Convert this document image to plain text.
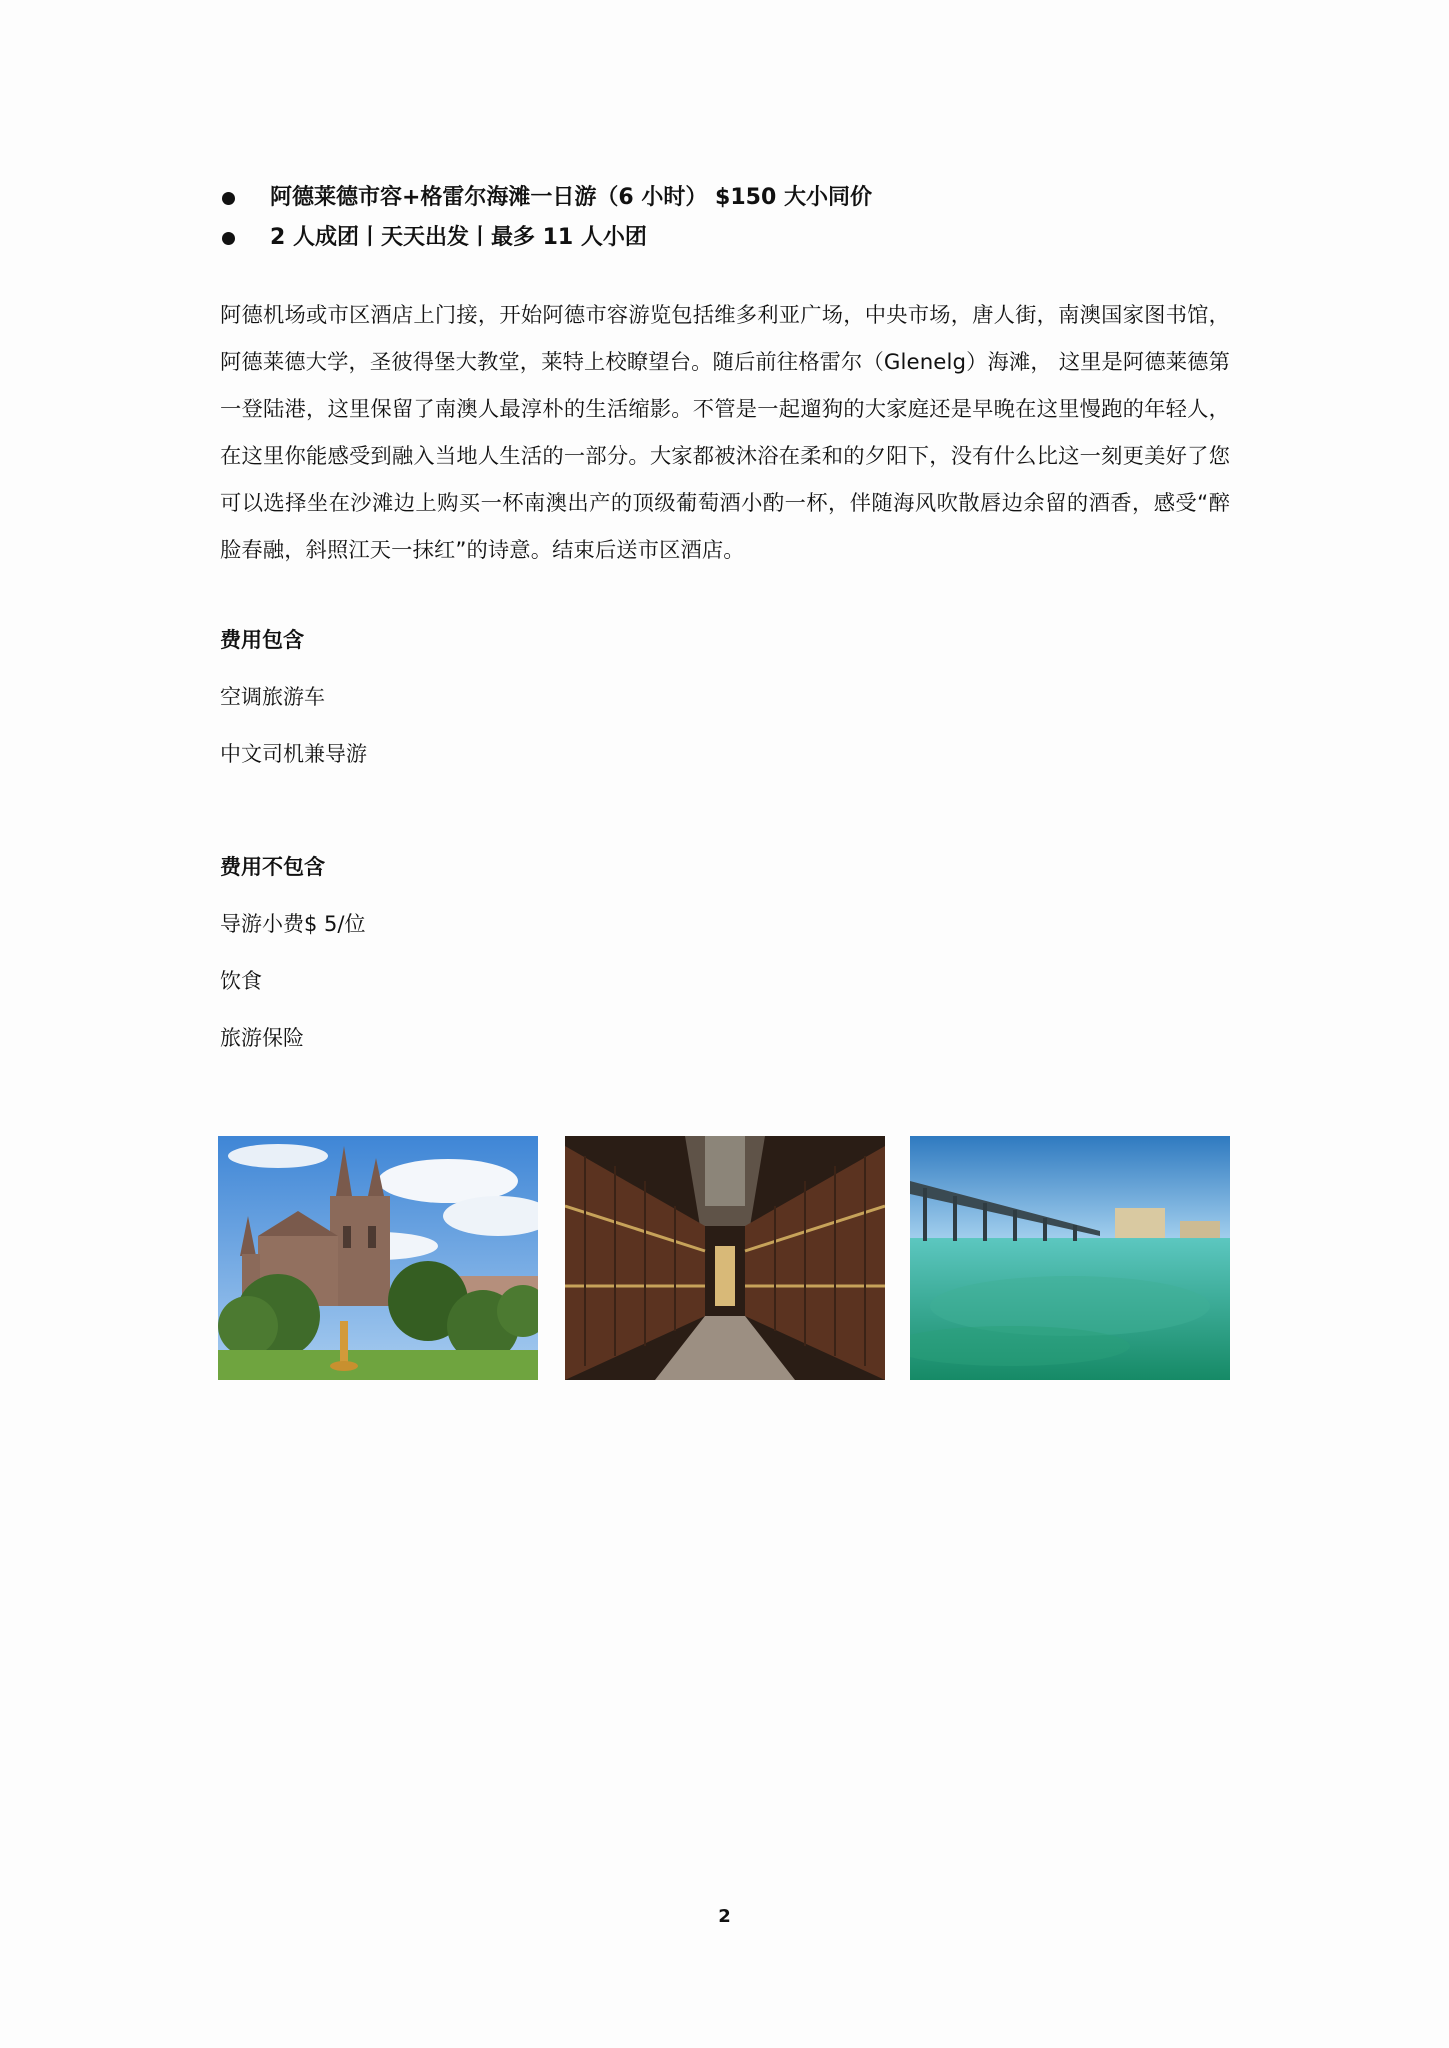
阿德莱德市容+格雷尔海滩一日游（6 小时） $150 大小同价
2 人成团丨天天出发丨最多 11 人小团

阿德机场或市区酒店上门接，开始阿德市容游览包括维多利亚广场，中央市场，唐人街，南澳国家图书馆，阿德莱德大学，圣彼得堡大教堂，莱特上校瞭望台。随后前往格雷尔（Glenelg）海滩， 这里是阿德莱德第一登陆港，这里保留了南澳人最淳朴的生活缩影。不管是一起遛狗的大家庭还是早晚在这里慢跑的年轻人，在这里你能感受到融入当地人生活的一部分。大家都被沐浴在柔和的夕阳下，没有什么比这一刻更美好了您可以选择坐在沙滩边上购买一杯南澳出产的顶级葡萄酒小酌一杯，伴随海风吹散唇边余留的酒香，感受“醉脸春融，斜照江天一抹红”的诗意。结束后送市区酒店。

费用包含

空调旅游车

中文司机兼导游

费用不包含

导游小费$ 5/位

饮食

旅游保险

2
